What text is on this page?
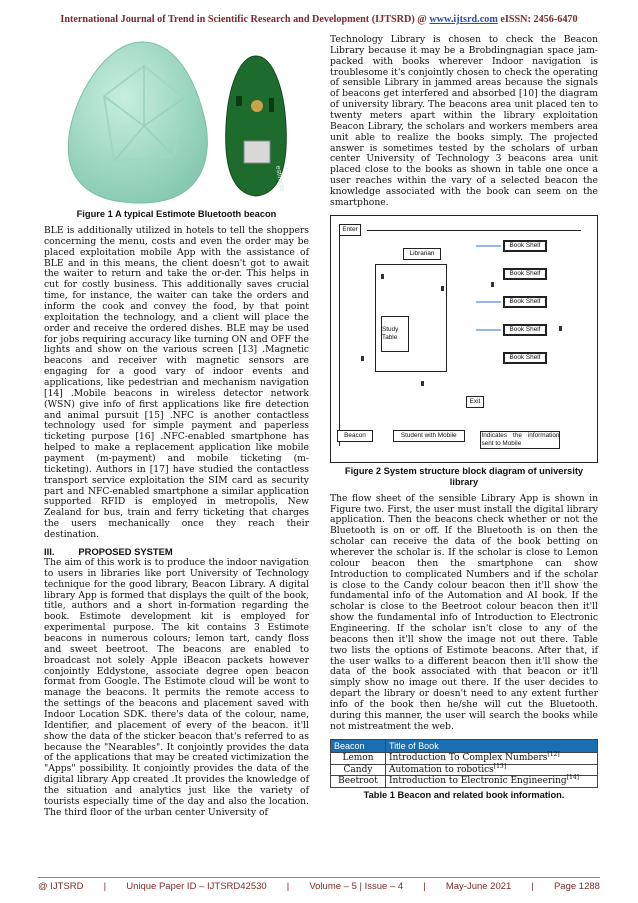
International Journal of Trend in Scientific Research and Development (IJTSRD) @ www.ijtsrd.com eISSN: 2456-6470
estimote
Figure 1 A typical Estimote Bluetooth beacon

BLE is additionally utilized in hotels to tell the shoppers concerning the menu, costs and even the order may be placed exploitation mobile App with the assistance of BLE and in this means, the client doesn't got to await the waiter to return and take the or-der. This helps in cut for costly business. This additionally saves crucial time, for instance, the waiter can take the orders and inform the cook and convey the food, by that point exploitation the technology, and a client will place the order and receive the ordered dishes. BLE may be used for jobs requiring accuracy like turning ON and OFF the lights and show on the various screen [13] .Magnetic beacons and receiver with magnetic sensors are engaging for a good vary of indoor events and applications, like pedestrian and mechanism navigation [14] .Mobile beacons in wireless detector network (WSN) give info of first applications like fire detection and animal pursuit [15] .NFC is another contactless technology used for simple payment and paperless ticketing purpose [16] .NFC-enabled smartphone has helped to make a replacement application like mobile payment (m-payment) and mobile ticketing (m-ticketing). Authors in [17] have studied the contactless transport service exploitation the SIM card as security part and NFC-enabled smartphone a similar application supported RFID is employed in metropolis, New Zealand for bus, train and ferry ticketing that charges the users mechanically once they reach their destination.

III.	PROPOSED SYSTEM

The aim of this work is to produce the indoor navigation to users in libraries like port University of Technology technique for the good library, Beacon Library. A digital library App is formed that displays the quilt of the book, title, authors and a short in-formation regarding the book. Estimote development kit is employed for experimental purpose. The kit contains 3 Estimote beacons in numerous colours; lemon tart, candy floss and sweet beetroot. The beacons are enabled to broadcast not solely Apple iBeacon packets however conjointly Eddystone, associate degree open beacon format from Google. The Estimote cloud will be wont to manage the beacons. It permits the remote access to the settings of the beacons and placement saved with Indoor Location SDK. there's data of the colour, name, Identifier, and placement of every of the beacon. it'll show the data of the sticker beacon that's referred to as because the "Nearables". It conjointly provides the data of the applications that may be created victimization the "Apps" possibility. It conjointly provides the data of the digital library App created .It provides the knowledge of the situation and analytics just like the variety of tourists especially time of the day and also the location. The third floor of the urban center University of

Technology Library is chosen to check the Beacon Library because it may be a Brobdingnagian space jam-packed with books wherever Indoor navigation is troublesome it's conjointly chosen to check the operating of sensible Library in jammed areas because the signals of beacons get interfered and absorbed [10] the diagram of university library. The beacons area unit placed ten to twenty meters apart within the library exploitation Beacon Library, the scholars and workers members area unit able to realize the books simply. The projected answer is sometimes tested by the scholars of urban center University of Technology 3 beacons area unit placed close to the books as shown in table one once a user reaches within the vary of a selected beacon the knowledge associated with the book can seem on the smartphone.

Enter
Librarian
Study Table
Book Shelf
Book Shelf
Book Shelf
Book Shelf
Book Shelf
Exit
Beacon	Student with Mobile	Indicates the information sent to Mobile
Figure 2 System structure block diagram of university library

The flow sheet of the sensible Library App is shown in Figure two. First, the user must install the digital library application. Then the beacons check whether or not the Bluetooth is on or off. If the Bluetooth is on then the scholar can receive the data of the book betting on wherever the scholar is. If the scholar is close to Lemon colour beacon then the smartphone can show Introduction to complicated Numbers and if the scholar is close to the Candy colour beacon then it'll show the fundamental info of the Automation and AI book. If the scholar is close to the Beetroot colour beacon then it'll show the fundamental info of Introduction to Electronic Engineering. If the scholar isn't close to any of the beacons then it'll show the image not out there. Table two lists the options of Estimote beacons. After that, if the user walks to a different beacon then it'll show the data of the book associated with that beacon or it'll simply show no image out there. If the user decides to depart the library or doesn't need to any extent further info of the book then he/she will cut the Bluetooth. during this manner, the user will search the books while not mistreatment the web.

Beacon	Title of Book
Lemon	Introduction To Complex Numbers[12]
Candy	Automation to robotics[13]
Beetroot	Introduction to Electronic Engineering[14]
Table 1 Beacon and related book information.
@ IJTSRD | Unique Paper ID – IJTSRD42530 | Volume – 5 | Issue – 4 | May-June 2021 | Page 1288
